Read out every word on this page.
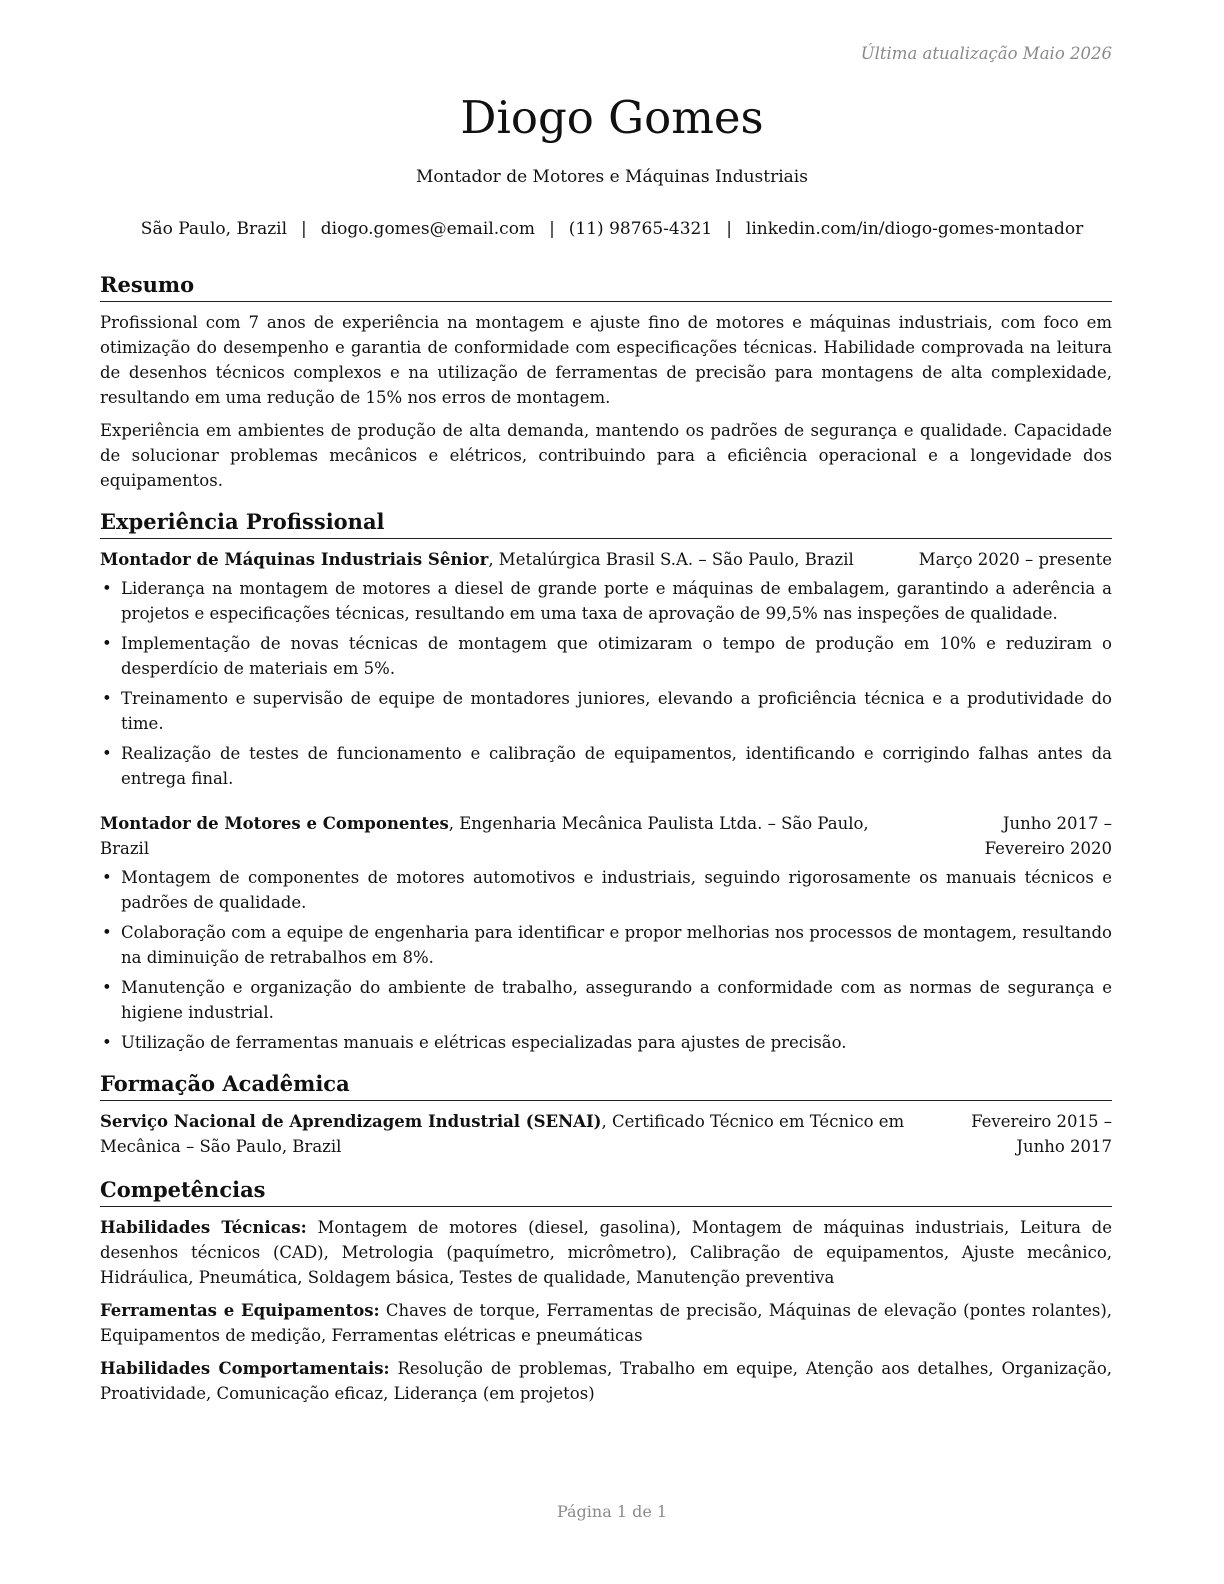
Última atualização Maio 2026
Diogo Gomes
Montador de Motores e Máquinas Industriais
São Paulo, Brazil | diogo.gomes@email.com | (11) 98765-4321 | linkedin.com/in/diogo-gomes-montador
Resumo

Profissional com 7 anos de experiência na montagem e ajuste fino de motores e máquinas industriais, com foco em otimização do desempenho e garantia de conformidade com especificações técnicas. Habilidade comprovada na leitura de desenhos técnicos complexos e na utilização de ferramentas de precisão para montagens de alta complexidade, resultando em uma redução de 15% nos erros de montagem.

Experiência em ambientes de produção de alta demanda, mantendo os padrões de segurança e qualidade. Capacidade de solucionar problemas mecânicos e elétricos, contribuindo para a eficiência operacional e a longevidade dos equipamentos.

Experiência Profissional
Montador de Máquinas Industriais Sênior, Metalúrgica Brasil S.A. – São Paulo, Brazil	Março 2020 – presente
• Liderança na montagem de motores a diesel de grande porte e máquinas de embalagem, garantindo a aderência a projetos e especificações técnicas, resultando em uma taxa de aprovação de 99,5% nas inspeções de qualidade.
• Implementação de novas técnicas de montagem que otimizaram o tempo de produção em 10% e reduziram o desperdício de materiais em 5%.
• Treinamento e supervisão de equipe de montadores juniores, elevando a proficiência técnica e a produtividade do time.
• Realização de testes de funcionamento e calibração de equipamentos, identificando e corrigindo falhas antes da entrega final.
Montador de Motores e Componentes, Engenharia Mecânica Paulista Ltda. – São Paulo, Brazil
Junho 2017 – Fevereiro 2020
• Montagem de componentes de motores automotivos e industriais, seguindo rigorosamente os manuais técnicos e padrões de qualidade.
• Colaboração com a equipe de engenharia para identificar e propor melhorias nos processos de montagem, resultando na diminuição de retrabalhos em 8%.
• Manutenção e organização do ambiente de trabalho, assegurando a conformidade com as normas de segurança e higiene industrial.
• Utilização de ferramentas manuais e elétricas especializadas para ajustes de precisão.
Formação Acadêmica
Serviço Nacional de Aprendizagem Industrial (SENAI), Certificado Técnico em Técnico em Mecânica – São Paulo, Brazil
Fevereiro 2015 – Junho 2017
Competências
Habilidades Técnicas: Montagem de motores (diesel, gasolina), Montagem de máquinas industriais, Leitura de desenhos técnicos (CAD), Metrologia (paquímetro, micrômetro), Calibração de equipamentos, Ajuste mecânico, Hidráulica, Pneumática, Soldagem básica, Testes de qualidade, Manutenção preventiva
Ferramentas e Equipamentos: Chaves de torque, Ferramentas de precisão, Máquinas de elevação (pontes rolantes), Equipamentos de medição, Ferramentas elétricas e pneumáticas
Habilidades Comportamentais: Resolução de problemas, Trabalho em equipe, Atenção aos detalhes, Organização, Proatividade, Comunicação eficaz, Liderança (em projetos)
Página 1 de 1
